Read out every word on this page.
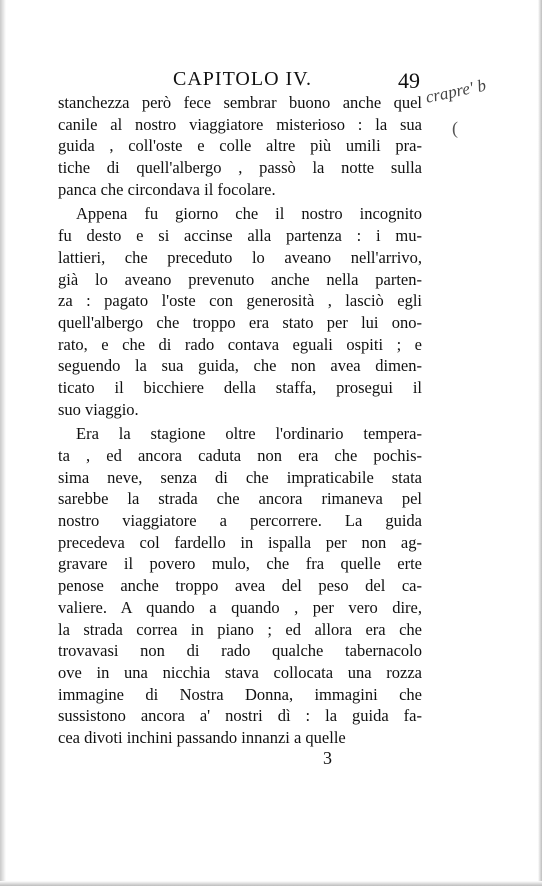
CAPITOLO IV.	49 crapre' b
(
stanchezza però fece sembrar buono anche quel
canile al nostro viaggiatore misterioso : la sua
guida , coll'oste e colle altre più umili pra-
tiche di quell'albergo , passò la notte sulla
panca che circondava il focolare.
Appena fu giorno che il nostro incognito
fu desto e si accinse alla partenza : i mu-
lattieri, che preceduto lo aveano nell'arrivo,
già lo aveano prevenuto anche nella parten-
za : pagato l'oste con generosità , lasciò egli
quell'albergo che troppo era stato per lui ono-
rato, e che di rado contava eguali ospiti ; e
seguendo la sua guida, che non avea dimen-
ticato il bicchiere della staffa, prosegui il
suo viaggio.
Era la stagione oltre l'ordinario tempera-
ta , ed ancora caduta non era che pochis-
sima neve, senza di che impraticabile stata
sarebbe la strada che ancora rimaneva pel
nostro viaggiatore a percorrere. La guida
precedeva col fardello in ispalla per non ag-
gravare il povero mulo, che fra quelle erte
penose anche troppo avea del peso del ca-
valiere. A quando a quando , per vero dire,
la strada correa in piano ; ed allora era che
trovavasi non di rado qualche tabernacolo
ove in una nicchia stava collocata una rozza
immagine di Nostra Donna, immagini che
sussistono ancora a' nostri dì : la guida fa-
cea divoti inchini passando innanzi a quelle
3
